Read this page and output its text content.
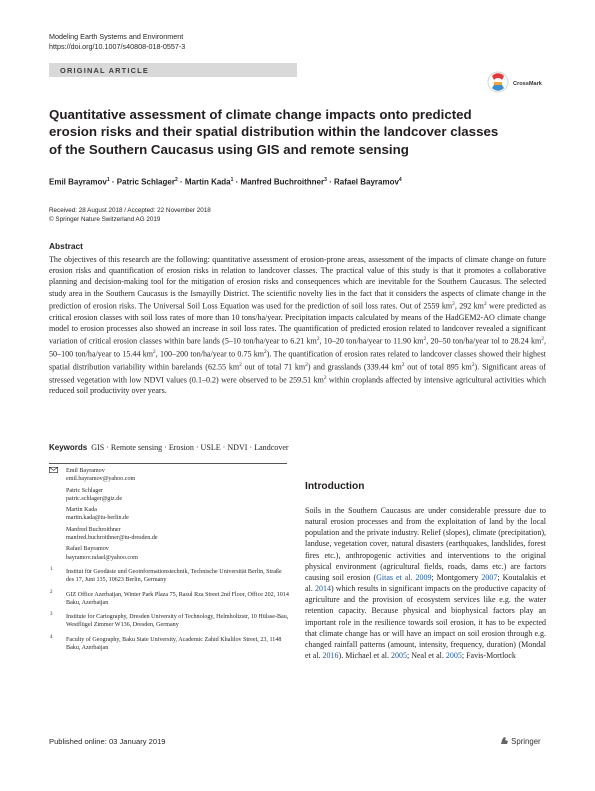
Modeling Earth Systems and Environment
https://doi.org/10.1007/s40808-018-0557-3
ORIGINAL ARTICLE
CrossMark
Quantitative assessment of climate change impacts onto predicted erosion risks and their spatial distribution within the landcover classes of the Southern Caucasus using GIS and remote sensing
Emil Bayramov$^1$ · Patric Schlager$^2$ · Martin Kada$^1$ · Manfred Buchroithner$^3$ · Rafael Bayramov$^4$
Received: 28 August 2018 / Accepted: 22 November 2018
© Springer Nature Switzerland AG 2019
Abstract

The objectives of this research are the following: quantitative assessment of erosion-prone areas, assessment of the impacts of climate change on future erosion risks and quantification of erosion risks in relation to landcover classes. The practical value of this study is that it promotes a collaborative planning and decision-making tool for the mitigation of erosion risks and consequences which are inevitable for the Southern Caucasus. The selected study area in the Southern Caucasus is the Ismayilly District. The scientific novelty lies in the fact that it considers the aspects of climate change in the prediction of erosion risks. The Universal Soil Loss Equation was used for the prediction of soil loss rates. Out of 2559 $km^2$, 292 $km^2$ were predicted as critical erosion classes with soil loss rates of more than 10 tons/ha/year. Precipitation impacts calculated by means of the HadGEM2-AO climate change model to erosion processes also showed an increase in soil loss rates. The quantification of predicted erosion related to landcover revealed a significant variation of critical erosion classes within bare lands (5–10 ton/ha/year to 6.21 $km^2$, 10–20 ton/ha/year to 11.90 $km^2$, 20–50 ton/ha/year tol to 28.24 $km^2$, 50–100 ton/ha/year to 15.44 $km^2$, 100–200 ton/ha/year to 0.75 $km^2$). The quantification of erosion rates related to landcover classes showed their highest spatial distribution variability within barelands (62.55 $km^2$ out of total 71 $km^2$) and grasslands (339.44 $km^2$ out of total 895 $km^2$). Significant areas of stressed vegetation with low NDVI values (0.1–0.2) were observed to be 259.51 $km^2$ within croplands affected by intensive agricultural activities which reduced soil productivity over years.

Keywords GIS · Remote sensing · Erosion · USLE · NDVI · Landcover
Emil Bayramov
emil.bayramov@yahoo.com
Patric Schlager
patric.schlager@giz.de
Martin Kada
martin.kada@tu-berlin.de
Manfred Buchroithner
manfred.buchroithner@tu-dresden.de
Rafael Bayramov
bayramov.rafael@yahoo.com
1 Institut für Geodäsie und Geoinformationstechnik, Technische Universität Berlin, Straße des 17, Juni 135, 10623 Berlin, Germany
2 GIZ Office Azerbaijan, Winter Park Plaza 75, Rasul Rza Street 2nd Floor, Office 202, 1014 Baku, Azerbaijan
3 Institute for Cartography, Dresden University of Technology, Helmholtzstr, 10 Hülsse-Bau, Westflügel Zimmer W136, Dresden, Germany
4 Faculty of Geography, Baku State University, Academic Zahid Khalilov Street, 23, 1148 Baku, Azerbaijan
Introduction

Soils in the Southern Caucasus are under considerable pressure due to natural erosion processes and from the exploitation of land by the local population and the private industry. Relief (slopes), climate (precipitation), landuse, vegetation cover, natural disasters (earthquakes, landslides, forest fires etc.), anthropogenic activities and interventions to the original physical environment (agricultural fields, roads, dams etc.) are factors causing soil erosion (Gitas et al. 2009; Montgomery 2007; Koutalakis et al. 2014) which results in significant impacts on the productive capacity of agriculture and the provision of ecosystem services like e.g. the water retention capacity. Because physical and biophysical factors play an important role in the resilience towards soil erosion, it has to be expected that climate change has or will have an impact on soil erosion through e.g. changed rainfall patterns (amount, intensity, frequency, duration) (Mondal et al. 2016). Michael et al. 2005; Neal et al. 2005; Favis-Mortlock

Published online: 03 January 2019	Springer
